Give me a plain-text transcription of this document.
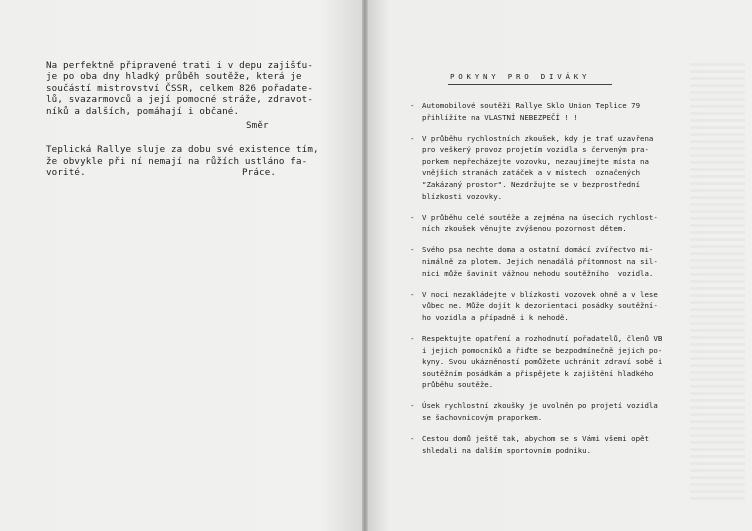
Na perfektně připravené trati i v depu zajišťu-

je po oba dny hladký průběh soutěže, která je

součástí mistrovství ČSSR, celkem 826 pořadate-

lů, svazarmovců a její pomocné stráže, zdravot-

níků a dalších, pomáhají i občané.

Směr

Teplická Rallye sluje za dobu své existence tím,

že obvykle při ní nemají na růžích ustláno fa-

vorité.	Práce.

POKYNY PRO DIVÁKY

- Automobilové soutěži Rallye Sklo Union Teplice 79

přihlížíte na VLASTNÍ NEBEZPEČÍ ! !

- V průběhu rychlostních zkoušek, kdy je trať uzavřena

pro veškerý provoz projetím vozidla s červeným pra-

porkem nepřecházejte vozovku, nezaujímejte místa na

vnějších stranách zatáček a v místech  označených

"Zakázaný prostor". Nezdržujte se v bezprostřední

blízkosti vozovky.

- V průběhu celé soutěže a zejména na úsecích rychlost-

ních zkoušek věnujte zvýšenou pozornost dětem.

- Svého psa nechte doma a ostatní domácí zvířectvo mi-

nimálně za plotem. Jejich nenadálá přítomnost na sil-

nici může šavinit vážnou nehodu soutěžního  vozidla.

- V noci nezakládejte v blízkosti vozovek ohně a v lese

vůbec ne. Může dojít k dezorientaci posádky soutěžní-

ho vozidla a případně i k nehodě.

- Respektujte opatření a rozhodnutí pořadatelů, členů VB

i jejich pomocníků a řiďte se bezpodmínečně jejich po-

kyny. Svou ukázněností pomůžete uchránit zdraví sobě i

soutěžním posádkám a přispějete k zajištění hladkého

průběhu soutěže.

- Úsek rychlostní zkoušky je uvolněn po projetí vozidla

se šachovnicovým praporkem.

- Cestou domů ještě tak, abychom se s Vámi všemi opět

shledali na dalším sportovním podniku.
